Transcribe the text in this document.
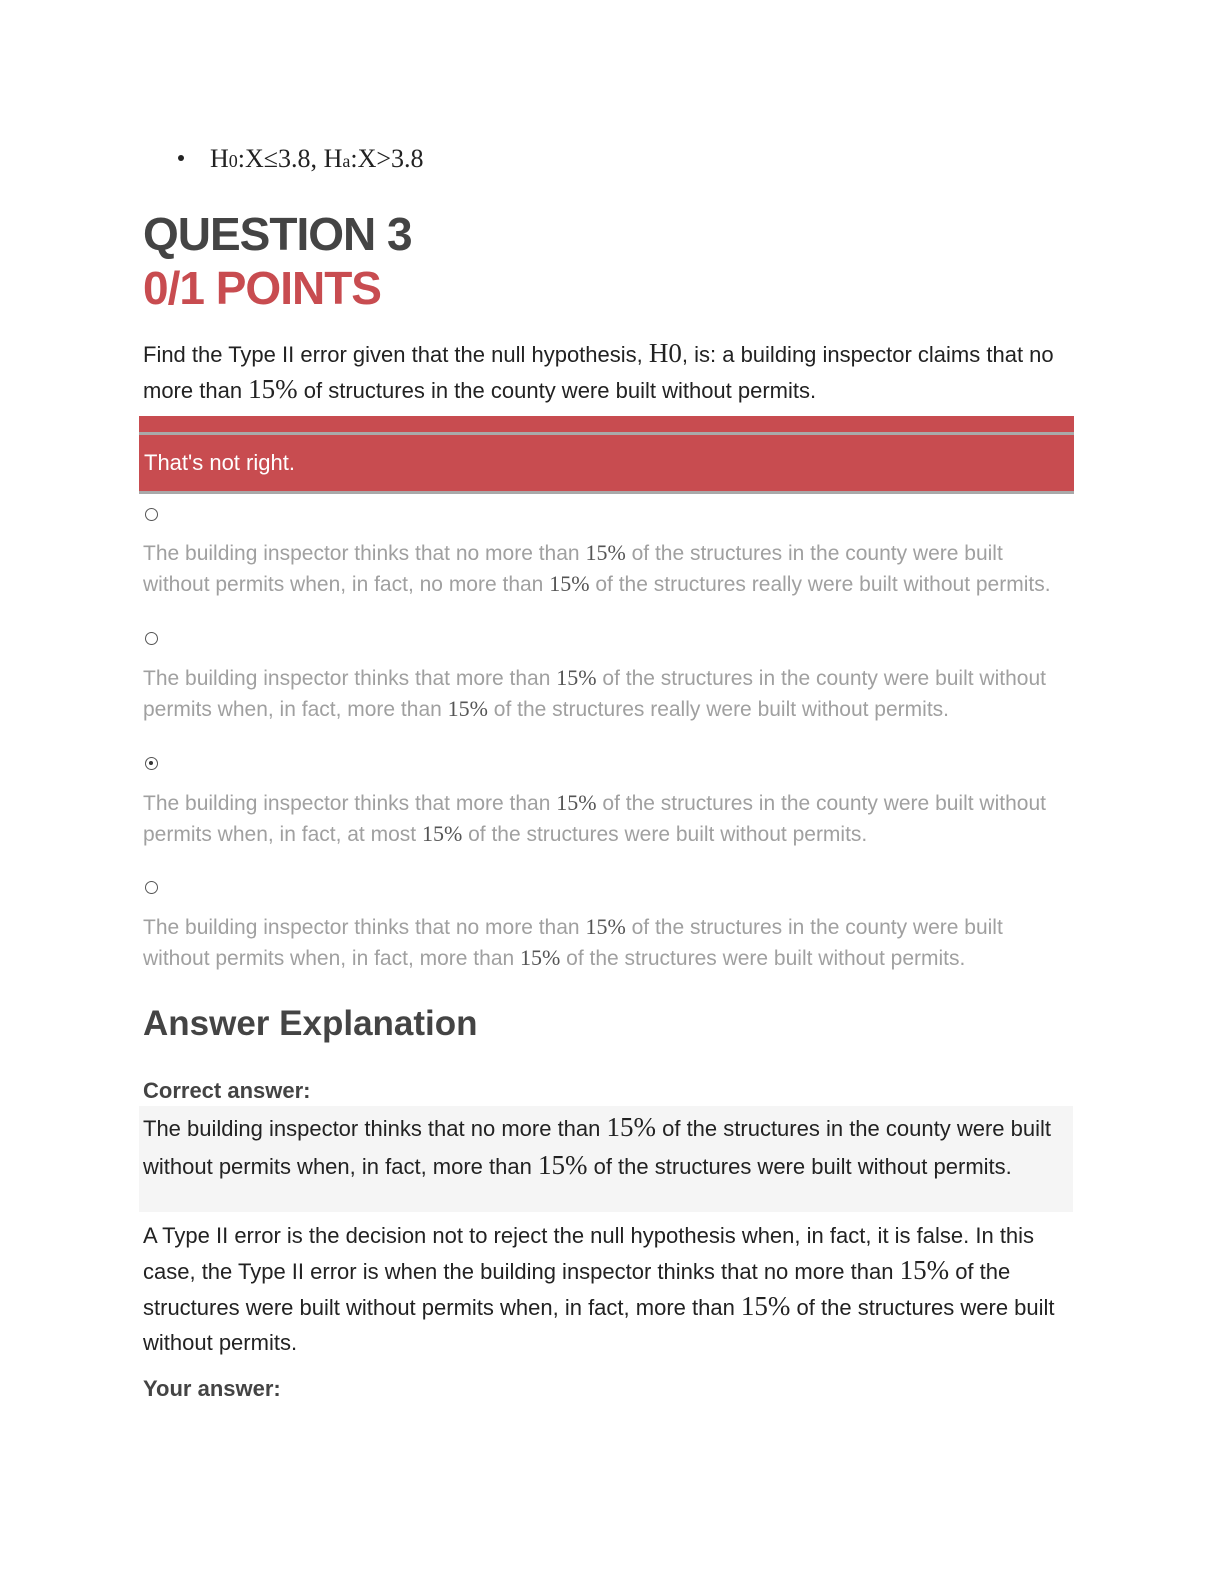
H0:X≤3.8, Ha:X>3.8
QUESTION 3
0/1 POINTS
Find the Type II error given that the null hypothesis, H0, is: a building inspector claims that no more than 15% of structures in the county were built without permits.
That's not right.
The building inspector thinks that no more than 15% of the structures in the county were built without permits when, in fact, no more than 15% of the structures really were built without permits.
The building inspector thinks that more than 15% of the structures in the county were built without permits when, in fact, more than 15% of the structures really were built without permits.
The building inspector thinks that more than 15% of the structures in the county were built without permits when, in fact, at most 15% of the structures were built without permits.
The building inspector thinks that no more than 15% of the structures in the county were built without permits when, in fact, more than 15% of the structures were built without permits.
Answer Explanation
Correct answer:
The building inspector thinks that no more than 15% of the structures in the county were built without permits when, in fact, more than 15% of the structures were built without permits.
A Type II error is the decision not to reject the null hypothesis when, in fact, it is false. In this case, the Type II error is when the building inspector thinks that no more than 15% of the structures were built without permits when, in fact, more than 15% of the structures were built without permits.
Your answer:
